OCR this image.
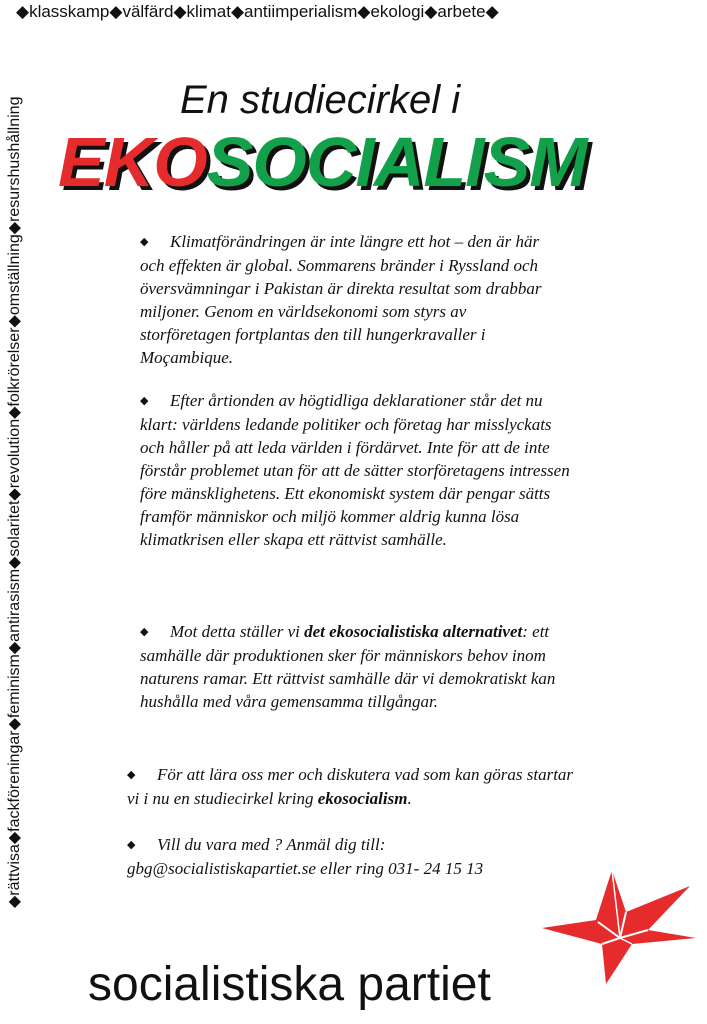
◆klasskamp◆välfärd◆klimat◆antiimperialism◆ekologi◆arbete◆
◆rättvisa◆fackföreningar◆feminism◆antirasism◆solaritet◆revolution◆folkrörelser◆omställning◆resurshushållning	En studiecirkel i
EKOSOCIALISM
◆ Klimatförändringen är inte längre ett hot – den är här och effekten är global. Sommarens bränder i Ryssland och översvämningar i Pakistan är direkta resultat som drabbar miljoner. Genom en världsekonomi som styrs av storföretagen fortplantas den till hungerkravaller i Moçambique.
◆ Efter årtionden av högtidliga deklarationer står det nu klart: världens ledande politiker och företag har misslyckats och håller på att leda världen i fördärvet. Inte för att de inte förstår problemet utan för att de sätter storföretagens intressen före mänsklighetens. Ett ekonomiskt system där pengar sätts framför människor och miljö kommer aldrig kunna lösa klimatkrisen eller skapa ett rättvist samhälle.
◆ Mot detta ställer vi det ekosocialistiska alternativet: ett samhälle där produktionen sker för människors behov inom naturens ramar. Ett rättvist samhälle där vi demokratiskt kan hushålla med våra gemensamma tillgångar.
◆ För att lära oss mer och diskutera vad som kan göras startar vi i nu en studiecirkel kring ekosocialism.
◆ Vill du vara med ? Anmäl dig till:
gbg@socialistiskapartiet.se eller ring 031- 24 15 13
socialistiska partiet
